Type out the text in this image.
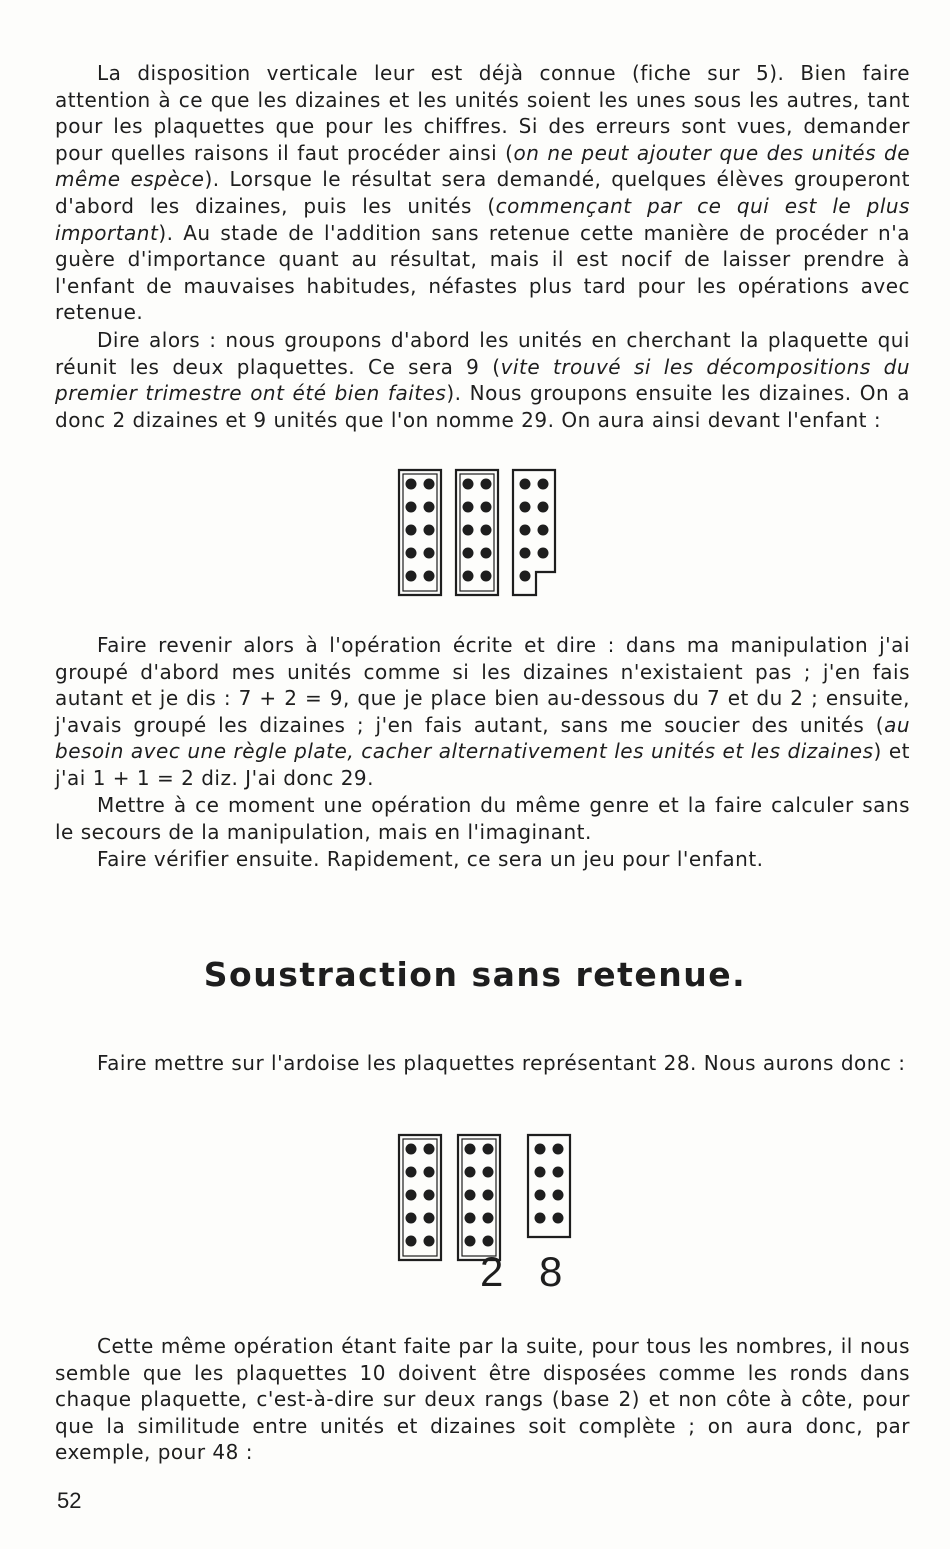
La disposition verticale leur est déjà connue (fiche sur 5). Bien faire attention à ce que les dizaines et les unités soient les unes sous les autres, tant pour les plaquettes que pour les chiffres. Si des erreurs sont vues, demander pour quelles raisons il faut procéder ainsi (on ne peut ajouter que des unités de même espèce). Lorsque le résultat sera demandé, quelques élèves grouperont d'abord les dizaines, puis les unités (commençant par ce qui est le plus important). Au stade de l'addition sans retenue cette manière de procéder n'a guère d'importance quant au résultat, mais il est nocif de laisser prendre à l'enfant de mauvaises habitudes, néfastes plus tard pour les opérations avec retenue.

Dire alors : nous groupons d'abord les unités en cherchant la plaquette qui réunit les deux plaquettes. Ce sera 9 (vite trouvé si les décompositions du premier trimestre ont été bien faites). Nous groupons ensuite les dizaines. On a donc 2 dizaines et 9 unités que l'on nomme 29. On aura ainsi devant l'enfant :

Faire revenir alors à l'opération écrite et dire : dans ma manipulation j'ai groupé d'abord mes unités comme si les dizaines n'existaient pas ; j'en fais autant et je dis : 7 + 2 = 9, que je place bien au-dessous du 7 et du 2 ; ensuite, j'avais groupé les dizaines ; j'en fais autant, sans me soucier des unités (au besoin avec une règle plate, cacher alternativement les unités et les dizaines) et j'ai 1 + 1 = 2 diz. J'ai donc 29.

Mettre à ce moment une opération du même genre et la faire calculer sans le secours de la manipulation, mais en l'imaginant.

Faire vérifier ensuite. Rapidement, ce sera un jeu pour l'enfant.

Soustraction sans retenue.

Faire mettre sur l'ardoise les plaquettes représentant 28. Nous aurons donc :

Cette même opération étant faite par la suite, pour tous les nombres, il nous semble que les plaquettes 10 doivent être disposées comme les ronds dans chaque plaquette, c'est-à-dire sur deux rangs (base 2) et non côte à côte, pour que la similitude entre unités et dizaines soit complète ; on aura donc, par exemple, pour 48 :

2 8
52
